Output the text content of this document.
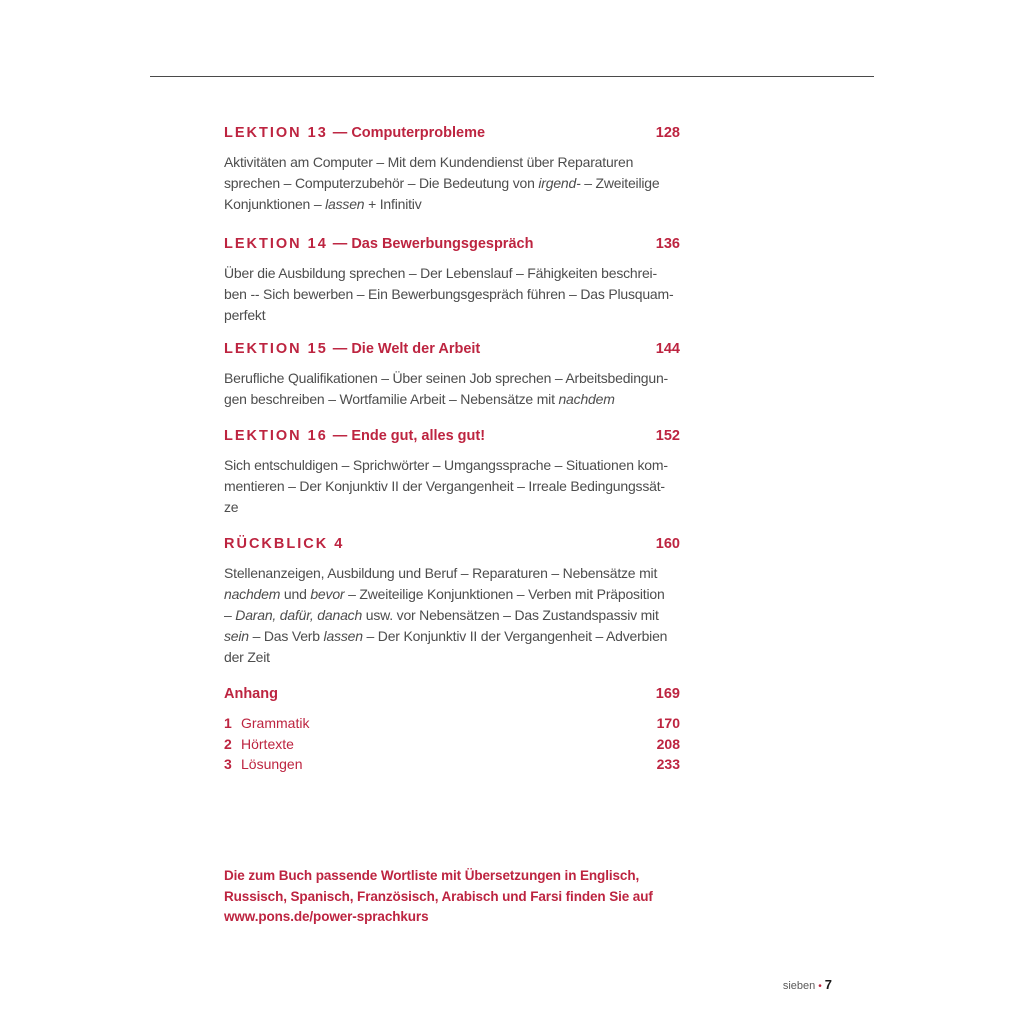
LEKTION 13 — Computerprobleme	128

Aktivitäten am Computer – Mit dem Kundendienst über Reparaturen
sprechen – Computerzubehör – Die Bedeutung von irgend- – Zweiteilige
Konjunktionen – lassen + Infinitiv

LEKTION 14 — Das Bewerbungsgespräch	136

Über die Ausbildung sprechen – Der Lebenslauf – Fähigkeiten beschrei-
ben -- Sich bewerben – Ein Bewerbungsgespräch führen – Das Plusquam-
perfekt

LEKTION 15 — Die Welt der Arbeit	144

Berufliche Qualifikationen – Über seinen Job sprechen – Arbeitsbedingun-
gen beschreiben – Wortfamilie Arbeit – Nebensätze mit nachdem

LEKTION 16 — Ende gut, alles gut!	152

Sich entschuldigen – Sprichwörter – Umgangssprache – Situationen kom-
mentieren – Der Konjunktiv II der Vergangenheit – Irreale Bedingungssät-
ze

RÜCKBLICK 4	160

Stellenanzeigen, Ausbildung und Beruf – Reparaturen – Nebensätze mit
nachdem und bevor – Zweiteilige Konjunktionen – Verben mit Präposition
– Daran, dafür, danach usw. vor Nebensätzen – Das Zustandspassiv mit
sein – Das Verb lassen – Der Konjunktiv II der Vergangenheit – Adverbien
der Zeit

Anhang	169
1 Grammatik	170
2 Hörtexte	208
3 Lösungen	233

Die zum Buch passende Wortliste mit Übersetzungen in Englisch,
Russisch, Spanisch, Französisch, Arabisch und Farsi finden Sie auf
www.pons.de/power-sprachkurs

sieben • 7
